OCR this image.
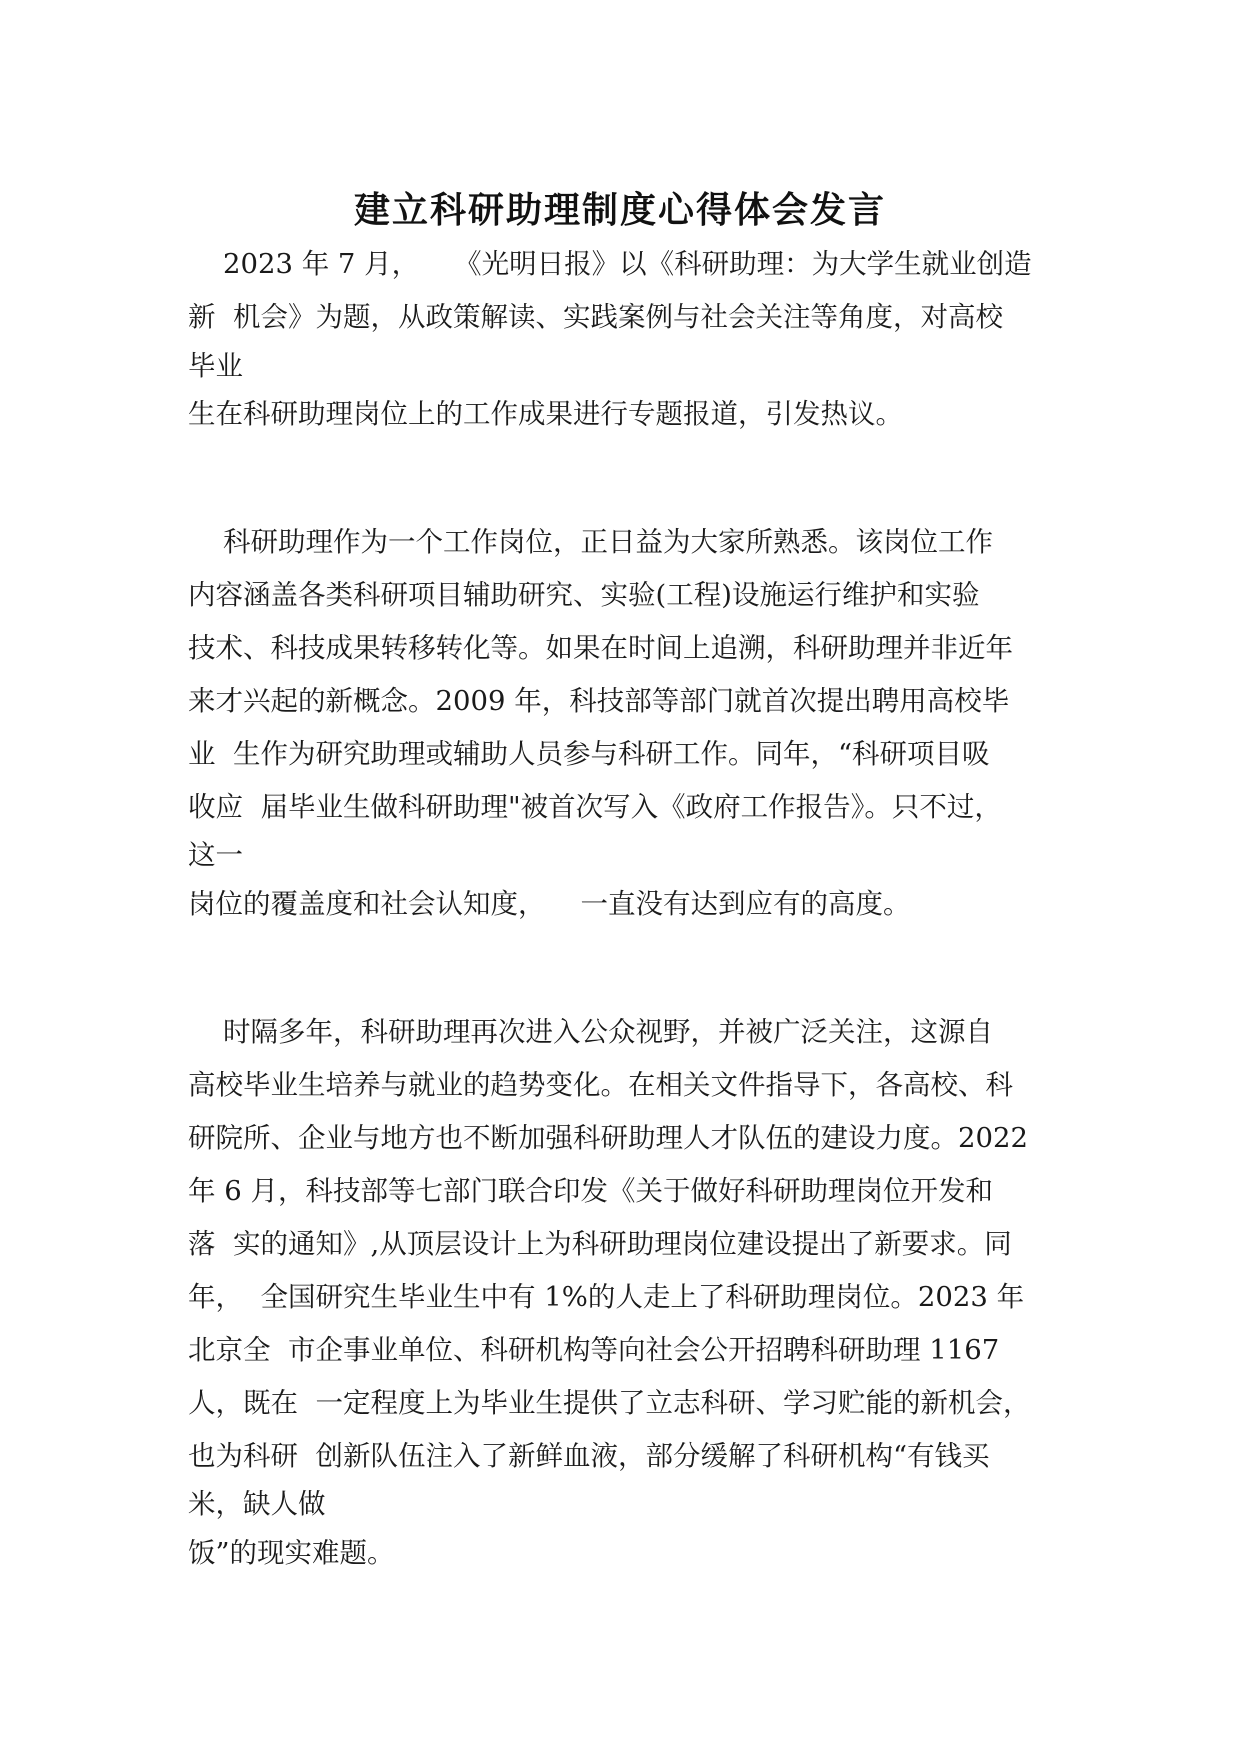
建立科研助理制度心得体会发言

2023 年 7 月，    《光明日报》以《科研助理：为大学生就业创造

新  机会》为题，从政策解读、实践案例与社会关注等角度，对高校

毕业

生在科研助理岗位上的工作成果进行专题报道，引发热议。

科研助理作为一个工作岗位，正日益为大家所熟悉。该岗位工作

内容涵盖各类科研项目辅助研究、实验(工程)设施运行维护和实验

技术、科技成果转移转化等。如果在时间上追溯，科研助理并非近年

来才兴起的新概念。2009 年，科技部等部门就首次提出聘用高校毕

业  生作为研究助理或辅助人员参与科研工作。同年，“科研项目吸

收应  届毕业生做科研助理"被首次写入《政府工作报告》。只不过，

这一

岗位的覆盖度和社会认知度，    一直没有达到应有的高度。

时隔多年，科研助理再次进入公众视野，并被广泛关注，这源自

高校毕业生培养与就业的趋势变化。在相关文件指导下，各高校、科

研院所、企业与地方也不断加强科研助理人才队伍的建设力度。2022

年 6 月，科技部等七部门联合印发《关于做好科研助理岗位开发和

落  实的通知》,从顶层设计上为科研助理岗位建设提出了新要求。同

年，  全国研究生毕业生中有 1%的人走上了科研助理岗位。2023 年

北京全  市企事业单位、科研机构等向社会公开招聘科研助理 1167

人，既在  一定程度上为毕业生提供了立志科研、学习贮能的新机会，

也为科研  创新队伍注入了新鲜血液，部分缓解了科研机构“有钱买

米，缺人做

饭”的现实难题。
